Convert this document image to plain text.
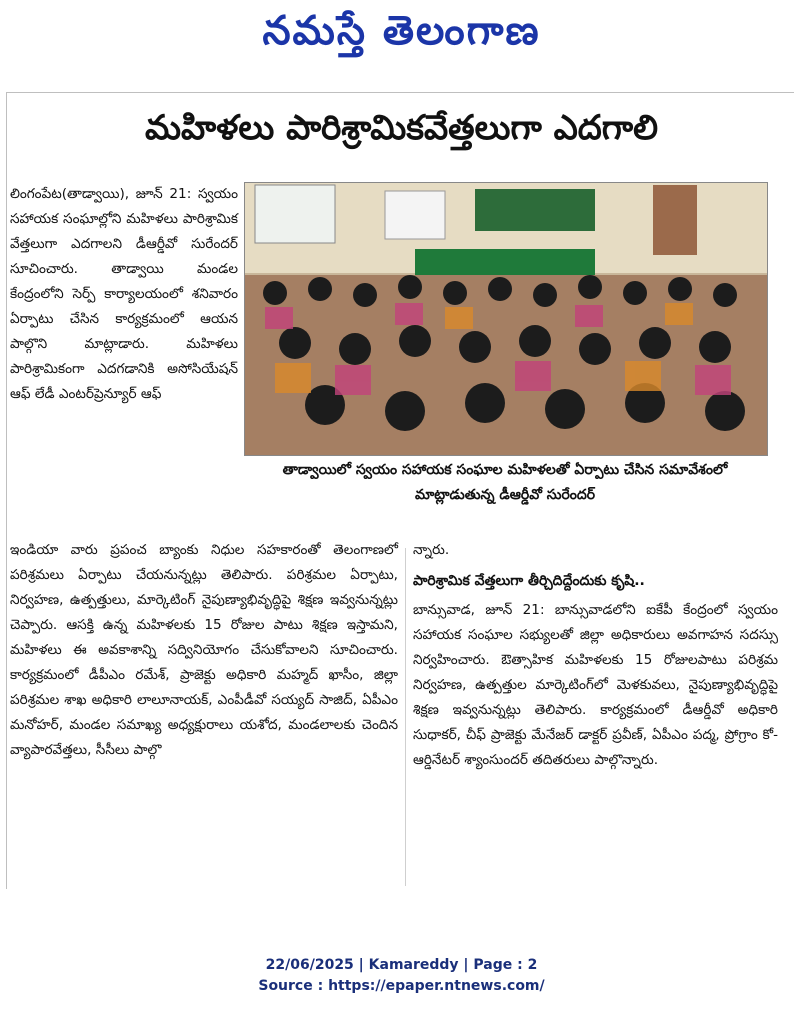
నమస్తే తెలంగాణ
మహిళలు పారిశ్రామికవేత్తలుగా ఎదగాలి

లింగంపేట(తాడ్వాయి), జూన్ 21: స్వయం సహాయక సంఘాల్లోని మహిళలు పారిశ్రామిక వేత్తలుగా ఎదగాలని డీఆర్డీవో సురేందర్ సూచించారు. తాడ్వాయి మండల కేంద్రంలోని సెర్ప్ కార్యాలయంలో శనివారం ఏర్పాటు చేసిన కార్యక్రమంలో ఆయన పాల్గొని మాట్లాడారు. మహిళలు పారిశ్రామికంగా ఎదగడానికి అసోసియేషన్ ఆఫ్ లేడీ ఎంటర్‌ప్రెన్యూర్ ఆఫ్

తాడ్వాయిలో స్వయం సహాయక సంఘాల మహిళలతో ఏర్పాటు చేసిన సమావేశంలో మాట్లాడుతున్న డీఆర్డీవో సురేందర్

ఇండియా వారు ప్రపంచ బ్యాంకు నిధుల సహకారంతో తెలంగాణలో పరిశ్రమలు ఏర్పాటు చేయనున్నట్లు తెలిపారు. పరిశ్రమల ఏర్పాటు, నిర్వహణ, ఉత్పత్తులు, మార్కెటింగ్ నైపుణ్యాభివృద్ధిపై శిక్షణ ఇవ్వనున్నట్లు చెప్పారు. ఆసక్తి ఉన్న మహిళలకు 15 రోజుల పాటు శిక్షణ ఇస్తామని, మహిళలు ఈ అవకాశాన్ని సద్వినియోగం చేసుకోవాలని సూచించారు. కార్యక్రమంలో డీపీఎం రమేశ్, ప్రాజెక్టు అధికారి మహ్మద్ ఖాసీం, జిల్లా పరిశ్రమల శాఖ అధికారి లాలూనాయక్, ఎంపీడీవో సయ్యద్ సాజిద్, ఏపీఎం మనోహర్, మండల సమాఖ్య అధ్యక్షురాలు యశోద, మండలాలకు చెందిన వ్యాపారవేత్తలు, సీసీలు పాల్గొ

న్నారు.

పారిశ్రామిక వేత్తలుగా తీర్చిదిద్దేందుకు కృషి..

బాన్సువాడ, జూన్ 21: బాన్సువాడలోని ఐకేపీ కేంద్రంలో స్వయం సహాయక సంఘాల సభ్యులతో జిల్లా అధికారులు అవగాహన సదస్సు నిర్వహించారు. ఔత్సాహిక మహిళలకు 15 రోజులపాటు పరిశ్రమ నిర్వహణ, ఉత్పత్తుల మార్కెటింగ్‌లో మెళకువలు, నైపుణ్యాభివృద్ధిపై శిక్షణ ఇవ్వనున్నట్లు తెలిపారు. కార్యక్రమంలో డీఆర్డీవో అధికారి సుధాకర్, చీఫ్ ప్రాజెక్టు మేనేజర్ డాక్టర్ ప్రవీణ్, ఏపీఎం పద్మ, ప్రోగ్రాం కో-ఆర్డినేటర్ శ్యాంసుందర్ తదితరులు పాల్గొన్నారు.

22/06/2025 | Kamareddy | Page : 2
Source : https://epaper.ntnews.com/
